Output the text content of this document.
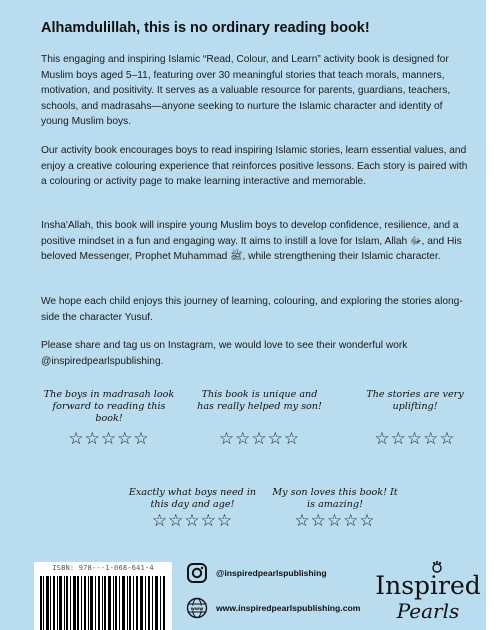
Alhamdulillah, this is no ordinary reading book!

This engaging and inspiring Islamic “Read, Colour, and Learn” activity book is designed for Muslim boys aged 5–11, featuring over 30 meaningful stories that teach morals, manners, motivation, and positivity. It serves as a valuable resource for parents, guardians, teachers, schools, and madrasahs—anyone seeking to nurture the Islamic character and identity of young Muslim boys.

Our activity book encourages boys to read inspiring Islamic stories, learn essential values, and enjoy a creative colouring experience that reinforces positive lessons. Each story is paired with a colouring or activity page to make learning interactive and memorable.

Insha'Allah, this book will inspire young Muslim boys to develop confidence, resilience, and a positive mindset in a fun and engaging way. It aims to instill a love for Islam, Allah ﷻ, and His beloved Messenger, Prophet Muhammad ﷺ, while strengthening their Islamic character.

We hope each child enjoys this journey of learning, colouring, and exploring the stories along-side the character Yusuf.

Please share and tag us on Instagram, we would love to see their wonderful work @inspiredpearlspublishing.

The boys in madrasah look forward to reading this book!
☆☆☆☆☆
This book is unique and has really helped my son!
☆☆☆☆☆
The stories are very uplifting!
☆☆☆☆☆
Exactly what boys need in this day and age!
☆☆☆☆☆
My son loves this book! It is amazing!
☆☆☆☆☆
ISBN: 978---1-068-641-4	@inspiredpearlspublishing
www www.inspiredpearlspublishing.com
Inspired
Pearls
